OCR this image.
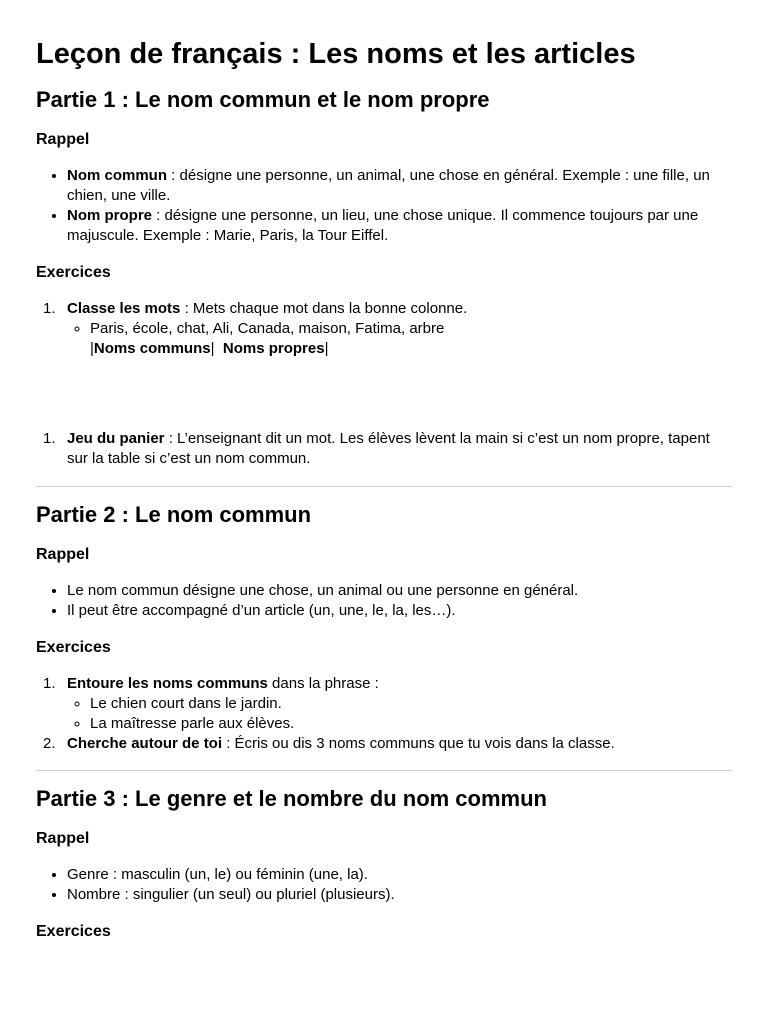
Leçon de français : Les noms et les articles
Partie 1 : Le nom commun et le nom propre
Rappel
• Nom commun : désigne une personne, un animal, une chose en général. Exemple : une fille, un chien, une ville.
• Nom propre : désigne une personne, un lieu, une chose unique. Il commence toujours par une majuscule. Exemple : Marie, Paris, la Tour Eiffel.
Exercices
1. Classe les mots : Mets chaque mot dans la bonne colonne.
◦ Paris, école, chat, Ali, Canada, maison, Fatima, arbre
|Noms communs| Noms propres|
1. Jeu du panier : L’enseignant dit un mot. Les élèves lèvent la main si c’est un nom propre, tapent sur la table si c’est un nom commun.
Partie 2 : Le nom commun
Rappel
• Le nom commun désigne une chose, un animal ou une personne en général.
• Il peut être accompagné d’un article (un, une, le, la, les…).
Exercices
1. Entoure les noms communs dans la phrase :
◦ Le chien court dans le jardin.
◦ La maîtresse parle aux élèves.
2. Cherche autour de toi : Écris ou dis 3 noms communs que tu vois dans la classe.
Partie 3 : Le genre et le nombre du nom commun
Rappel
• Genre : masculin (un, le) ou féminin (une, la).
• Nombre : singulier (un seul) ou pluriel (plusieurs).
Exercices
